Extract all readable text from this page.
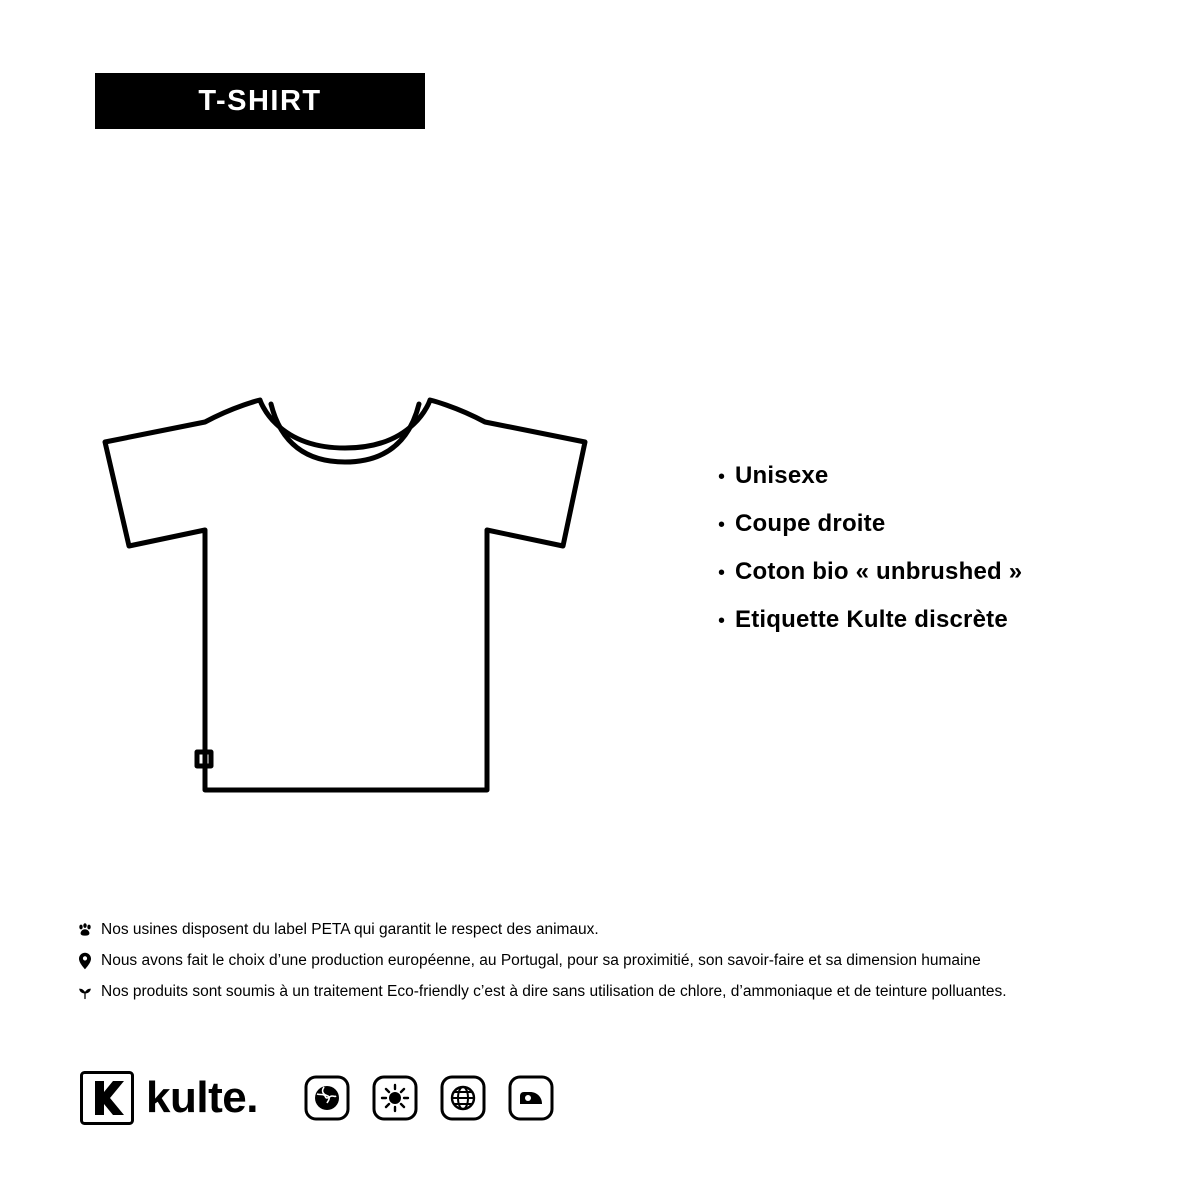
T-SHIRT
• Unisexe
• Coupe droite
• Coton bio « unbrushed »
• Etiquette Kulte discrète
Nos usines disposent du label PETA qui garantit le respect des animaux.
Nous avons fait le choix d’une production européenne, au Portugal, pour sa proximitié, son savoir-faire et sa dimension humaine
Nos produits sont soumis à un traitement Eco-friendly c’est à dire sans utilisation de chlore, d’ammoniaque et de teinture polluantes.
kulte .
